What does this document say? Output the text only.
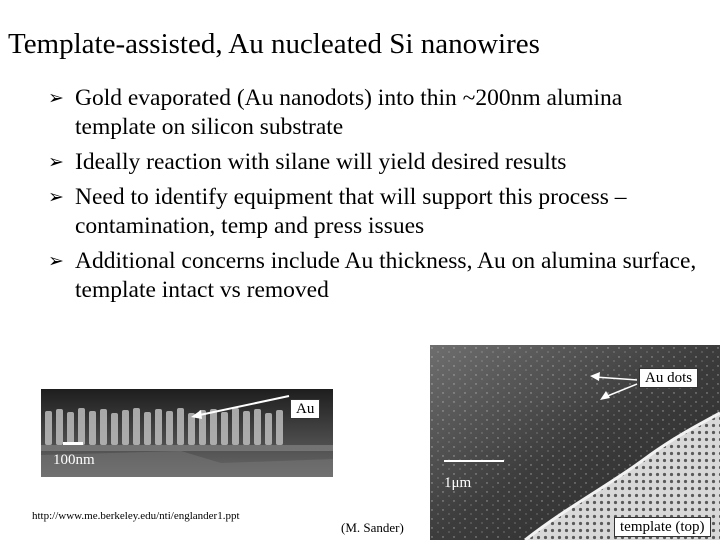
Template-assisted, Au nucleated Si nanowires
➢ Gold evaporated (Au nanodots) into thin ~200nm alumina template on silicon substrate
➢ Ideally reaction with silane will yield desired results
➢ Need to identify equipment that will support this process – contamination, temp and press issues
➢ Additional concerns include Au thickness, Au on alumina surface, template intact vs removed
Au
100nm
http://www.me.berkeley.edu/nti/englander1.ppt
Au dots
1μm
template (top)
(M. Sander)
